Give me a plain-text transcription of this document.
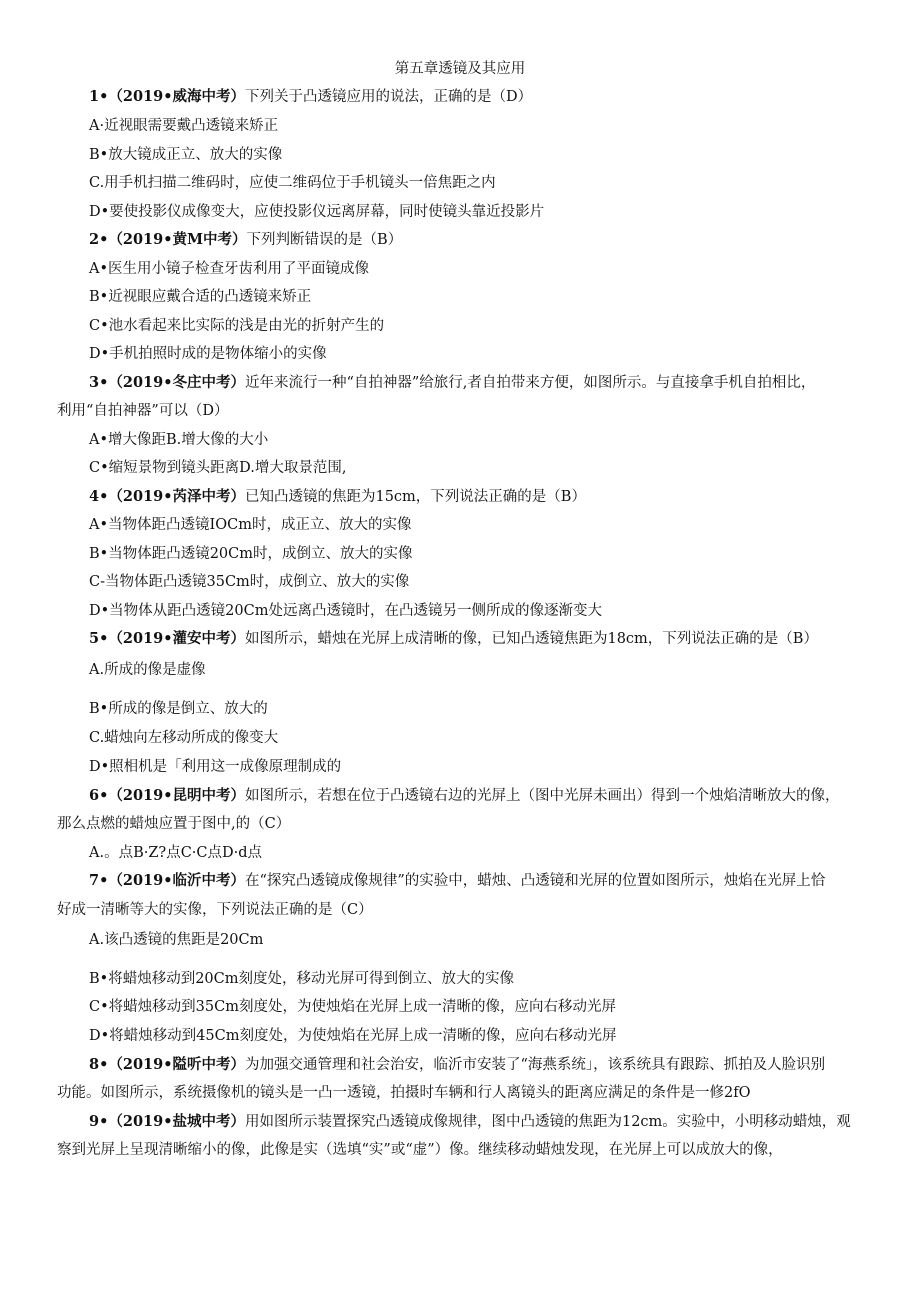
第五章透镜及其应用
1•（2019•威海中考）下列关于凸透镜应用的说法，正确的是（D）
A·近视眼需要戴凸透镜来矫正
B•放大镜成正立、放大的实像
C.用手机扫描二维码时，应使二维码位于手机镜头一倍焦距之内
D•要使投影仪成像变大，应使投影仪远离屏幕，同时使镜头靠近投影片
2•（2019•黄M中考）下列判断错误的是（B）
A•医生用小镜子检查牙齿利用了平面镜成像
B•近视眼应戴合适的凸透镜来矫正
C•池水看起来比实际的浅是由光的折射产生的
D•手机拍照时成的是物体缩小的实像
3•（2019•冬庄中考）近年来流行一种“自拍神器”给旅行,者自拍带来方便，如图所示。与直接拿手机自拍相比，
利用“自拍神器”可以（D）
A•增大像距B.增大像的大小
C•缩短景物到镜头距离D.增大取景范围,
4•（2019•芮泽中考）已知凸透镜的焦距为15cm，下列说法正确的是（B）
A•当物体距凸透镜IOCm时，成正立、放大的实像
B•当物体距凸透镜20Cm时，成倒立、放大的实像
C-当物体距凸透镜35Cm时，成倒立、放大的实像
D•当物体从距凸透镜20Cm处远离凸透镜时，在凸透镜另一侧所成的像逐渐变大
5•（2019•灌安中考）如图所示，蜡烛在光屏上成清晰的像，已知凸透镜焦距为18cm，下列说法正确的是（B）
A.所成的像是虚像
B•所成的像是倒立、放大的
C.蜡烛向左移动所成的像变大
D•照相机是「利用这一成像原理制成的
6•（2019•昆明中考）如图所示，若想在位于凸透镜右边的光屏上（图中光屏未画出）得到一个烛焰清晰放大的像，
那么点燃的蜡烛应置于图中,的（C）
A.。点B·Z?点C·C点D·d点
7•（2019•临沂中考）在“探究凸透镜成像规律”的实验中，蜡烛、凸透镜和光屏的位置如图所示，烛焰在光屏上恰
好成一清晰等大的实像，下列说法正确的是（C）
A.该凸透镜的焦距是20Cm
B•将蜡烛移动到20Cm刻度处，移动光屏可得到倒立、放大的实像
C•将蜡烛移动到35Cm刻度处，为使烛焰在光屏上成一清晰的像，应向右移动光屏
D•将蜡烛移动到45Cm刻度处，为使烛焰在光屏上成一清晰的像，应向右移动光屏
8•（2019•隘听中考）为加强交通管理和社会治安，临沂市安装了“海燕系统」，该系统具有跟踪、抓拍及人脸识别
功能。如图所示，系统摄像机的镜头是一凸一透镜，拍摄时车辆和行人离镜头的距离应满足的条件是一修2fO
9•（2019•盐城中考）用如图所示装置探究凸透镜成像规律，图中凸透镜的焦距为12cm。实验中，小明移动蜡烛，观
察到光屏上呈现清晰缩小的像，此像是实（选填“实”或“虚”）像。继续移动蜡烛发现，在光屏上可以成放大的像，
